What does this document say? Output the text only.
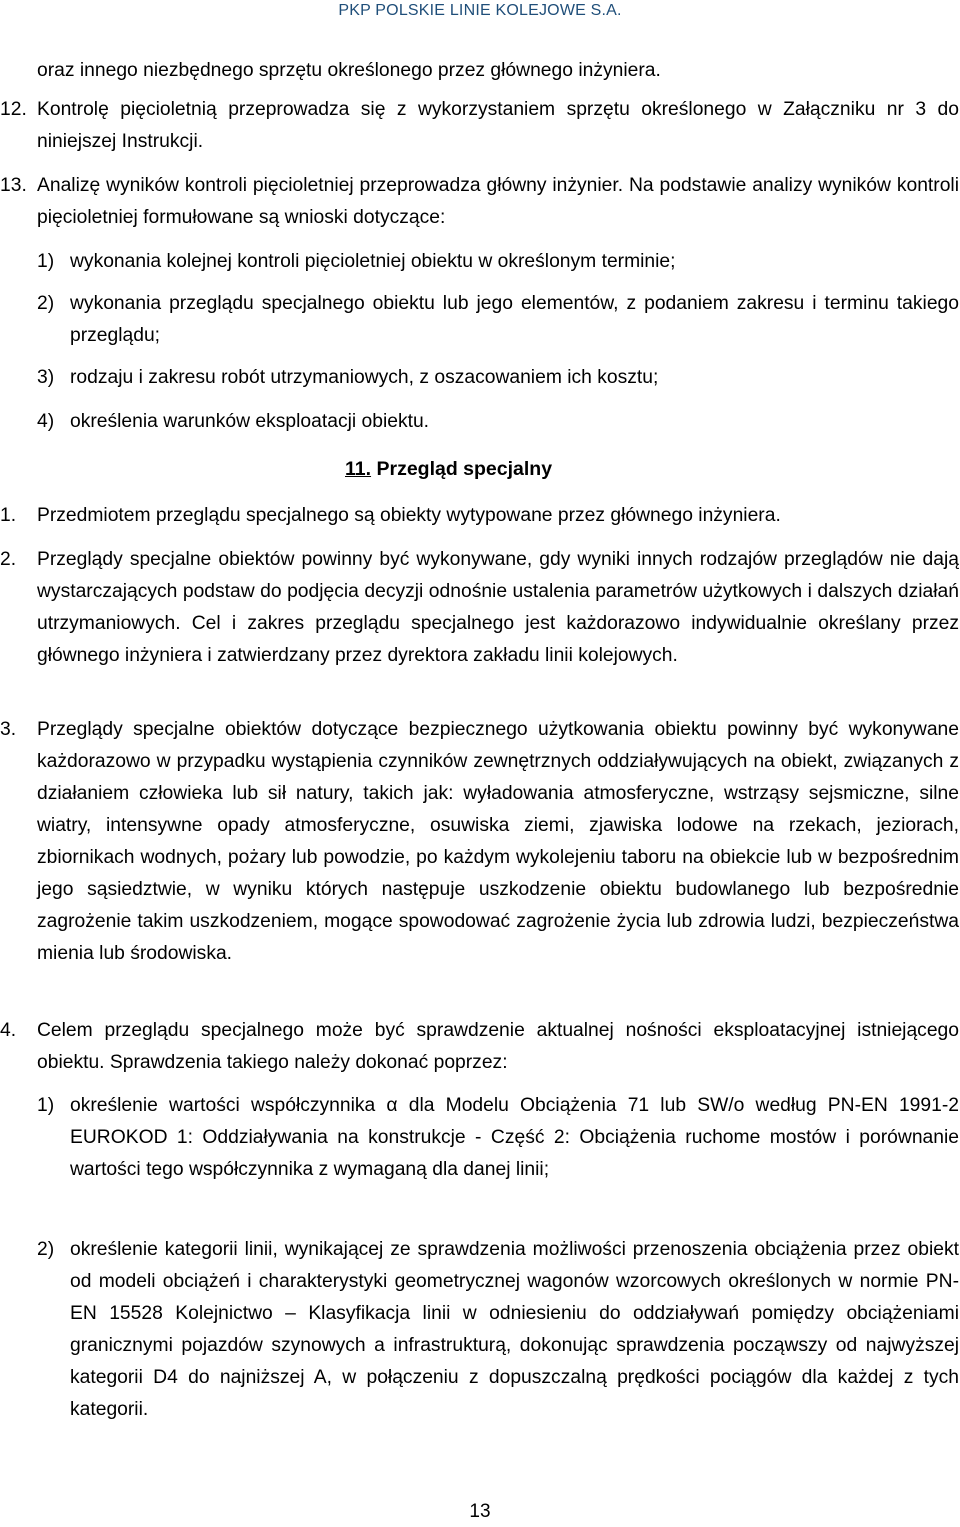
PKP POLSKIE LINIE KOLEJOWE S.A.
oraz innego niezbędnego sprzętu określonego przez głównego inżyniera.
12. Kontrolę pięcioletnią przeprowadza się z wykorzystaniem sprzętu określonego w Załączniku nr 3 do niniejszej Instrukcji.
13. Analizę wyników kontroli pięcioletniej przeprowadza główny inżynier. Na podstawie analizy wyników kontroli pięcioletniej formułowane są wnioski dotyczące:
1) wykonania kolejnej kontroli pięcioletniej obiektu w określonym terminie;
2) wykonania przeglądu specjalnego obiektu lub jego elementów, z podaniem zakresu i terminu takiego przeglądu;
3) rodzaju i zakresu robót utrzymaniowych, z oszacowaniem ich kosztu;
4) określenia warunków eksploatacji obiektu.
11. Przegląd specjalny
1. Przedmiotem przeglądu specjalnego są obiekty wytypowane przez głównego inżyniera.
2. Przeglądy specjalne obiektów powinny być wykonywane, gdy wyniki innych rodzajów przeglądów nie dają wystarczających podstaw do podjęcia decyzji odnośnie ustalenia parametrów użytkowych i dalszych działań utrzymaniowych. Cel i zakres przeglądu specjalnego jest każdorazowo indywidualnie określany przez głównego inżyniera i zatwierdzany przez dyrektora zakładu linii kolejowych.
3. Przeglądy specjalne obiektów dotyczące bezpiecznego użytkowania obiektu powinny być wykonywane każdorazowo w przypadku wystąpienia czynników zewnętrznych oddziaływujących na obiekt, związanych z działaniem człowieka lub sił natury, takich jak: wyładowania atmosferyczne, wstrząsy sejsmiczne, silne wiatry, intensywne opady atmosferyczne, osuwiska ziemi, zjawiska lodowe na rzekach, jeziorach, zbiornikach wodnych, pożary lub powodzie, po każdym wykolejeniu taboru na obiekcie lub w bezpośrednim jego sąsiedztwie, w wyniku których następuje uszkodzenie obiektu budowlanego lub bezpośrednie zagrożenie takim uszkodzeniem, mogące spowodować zagrożenie życia lub zdrowia ludzi, bezpieczeństwa mienia lub środowiska.
4. Celem przeglądu specjalnego może być sprawdzenie aktualnej nośności eksploatacyjnej istniejącego obiektu. Sprawdzenia takiego należy dokonać poprzez:
1) określenie wartości współczynnika α dla Modelu Obciążenia 71 lub SW/o według PN-EN 1991-2 EUROKOD 1: Oddziaływania na konstrukcje - Część 2: Obciążenia ruchome mostów i porównanie wartości tego współczynnika z wymaganą dla danej linii;
2) określenie kategorii linii, wynikającej ze sprawdzenia możliwości przenoszenia obciążenia przez obiekt od modeli obciążeń i charakterystyki geometrycznej wagonów wzorcowych określonych w normie PN-EN 15528 Kolejnictwo – Klasyfikacja linii w odniesieniu do oddziaływań pomiędzy obciążeniami granicznymi pojazdów szynowych a infrastrukturą, dokonując sprawdzenia począwszy od najwyższej kategorii D4 do najniższej A, w połączeniu z dopuszczalną prędkości pociągów dla każdej z tych kategorii.
13
